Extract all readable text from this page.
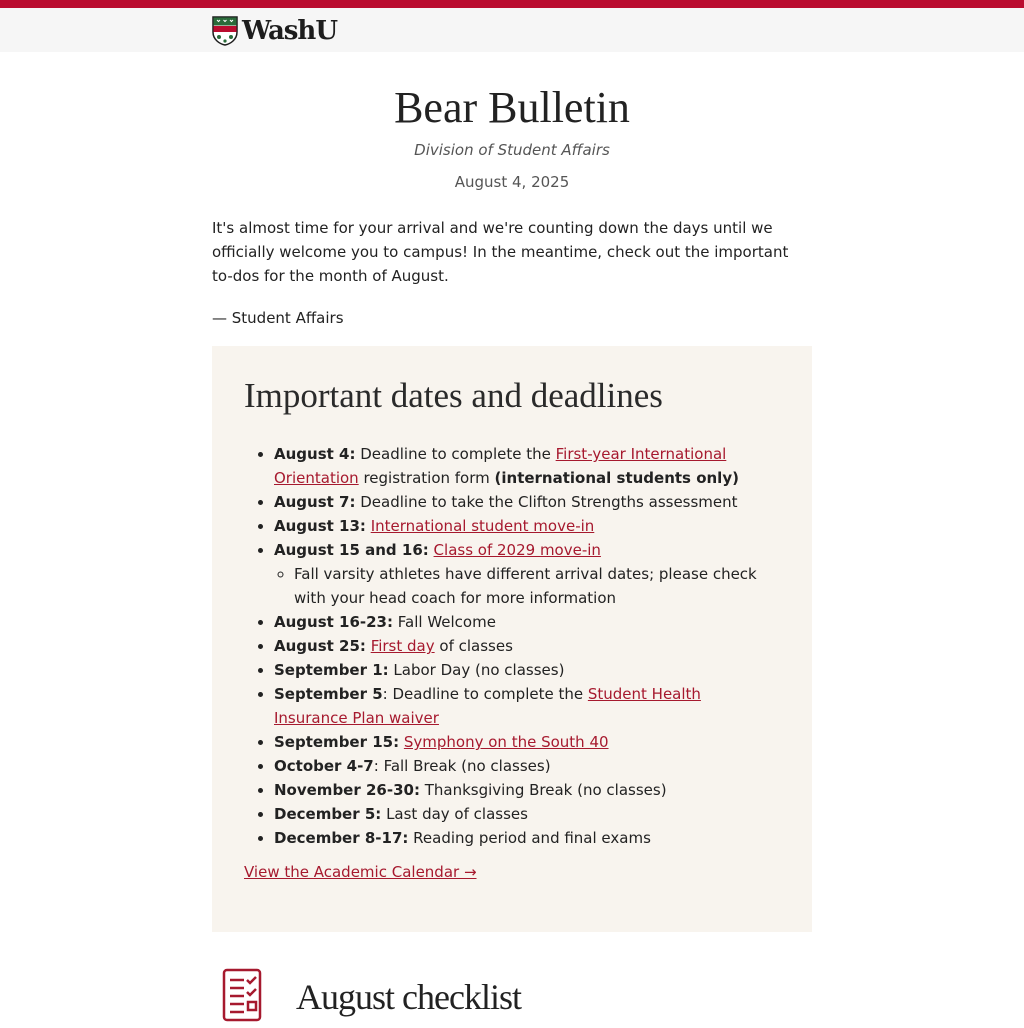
WashU
Bear Bulletin

Division of Student Affairs

August 4, 2025

It's almost time for your arrival and we're counting down the days until we officially welcome you to campus! In the meantime, check out the important to-dos for the month of August.

— Student Affairs

Important dates and deadlines
• August 4: Deadline to complete the First-year International Orientation registration form (international students only)
• August 7: Deadline to take the Clifton Strengths assessment
• August 13: International student move-in
• August 15 and 16: Class of 2029 move-in
◦ Fall varsity athletes have different arrival dates; please check with your head coach for more information
• August 16-23: Fall Welcome
• August 25: First day of classes
• September 1: Labor Day (no classes)
• September 5: Deadline to complete the Student Health Insurance Plan waiver
• September 15: Symphony on the South 40
• October 4-7: Fall Break (no classes)
• November 26-30: Thanksgiving Break (no classes)
• December 5: Last day of classes
• December 8-17: Reading period and final exams
View the Academic Calendar →
August checklist
